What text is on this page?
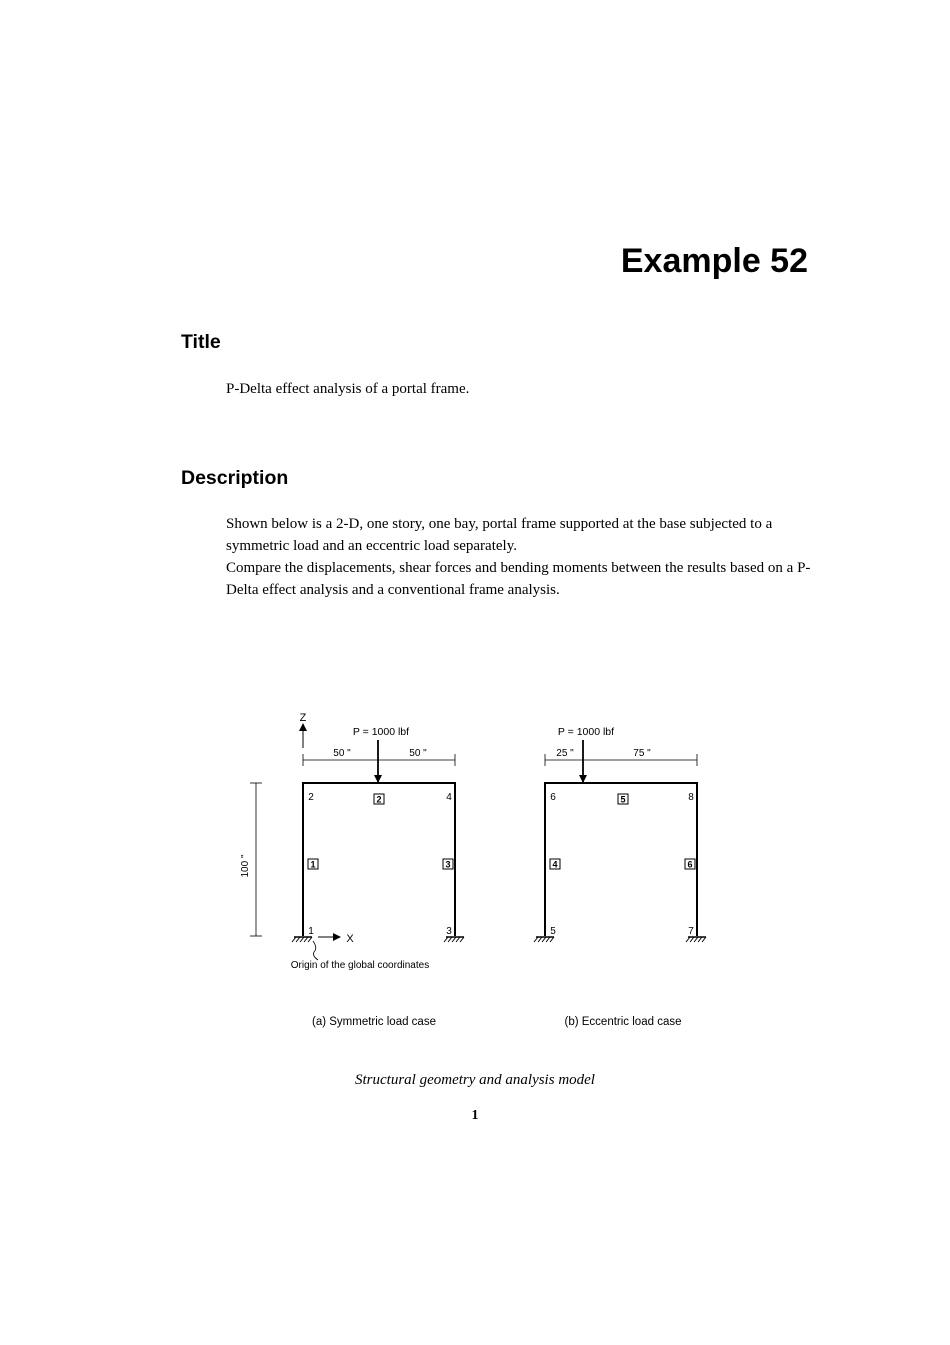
Example 52
Title

P-Delta effect analysis of a portal frame.

Description

Shown below is a 2-D, one story, one bay, portal frame supported at the base subjected to a symmetric load and an eccentric load separately.

Compare the displacements, shear forces and bending moments between the results based on a P-Delta effect analysis and a conventional frame analysis.

Z
P = 1000 lbf
50 "	50 "
100 "
X
Origin of the global coordinates
1
2
3
4
1
2
3
(a) Symmetric load case
P = 1000 lbf
25 "	75 "
5
6
7
8
4
5
6
(b) Eccentric load case

Structural geometry and analysis model

1
